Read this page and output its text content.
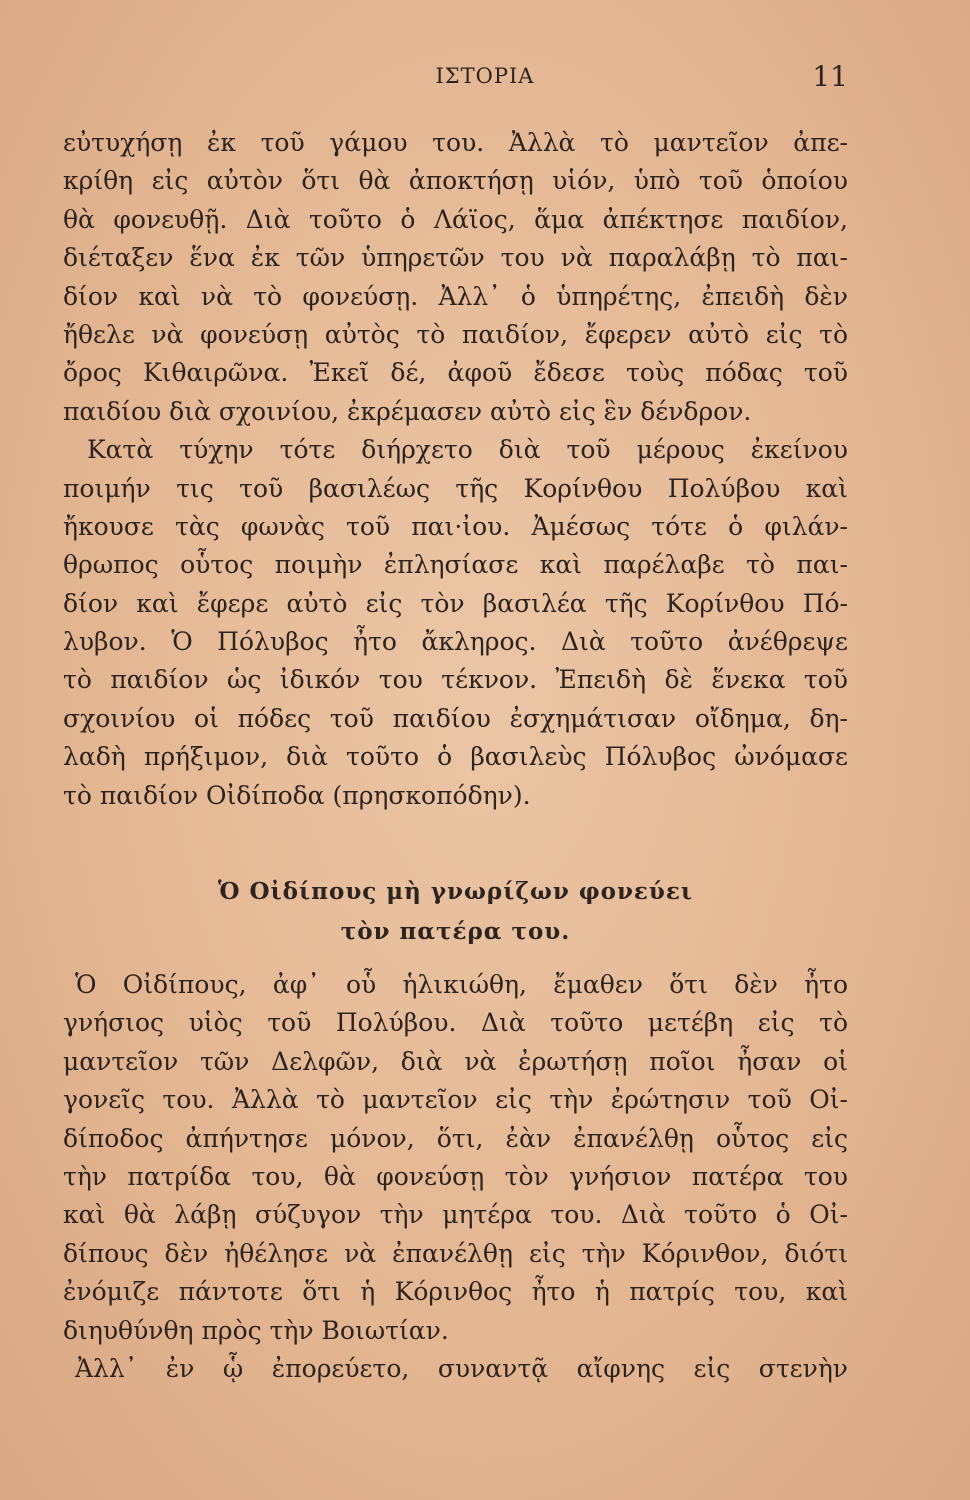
ΙΣΤΟΡΙΑ	11
εὐτυχήσῃ ἐκ τοῦ γάμου του. Ἀλλὰ τὸ μαντεῖον ἀπε-
κρίθη εἰς αὐτὸν ὅτι θὰ ἀποκτήσῃ υἱόν, ὑπὸ τοῦ ὁποίου
θὰ φονευθῇ. Διὰ τοῦτο ὁ Λάϊος, ἅμα ἀπέκτησε παιδίον,
διέταξεν ἕνα ἐκ τῶν ὑπηρετῶν του νὰ παραλάβῃ τὸ παι-
δίον καὶ νὰ τὸ φονεύσῃ. Ἀλλ᾽ ὁ ὑπηρέτης, ἐπειδὴ δὲν
ἤθελε νὰ φονεύσῃ αὐτὸς τὸ παιδίον, ἔφερεν αὐτὸ εἰς τὸ
ὄρος Κιθαιρῶνα. Ἐκεῖ δέ, ἀφοῦ ἔδεσε τοὺς πόδας τοῦ
παιδίου διὰ σχοινίου, ἐκρέμασεν αὐτὸ εἰς ἓν δένδρον.
Κατὰ τύχην τότε διήρχετο διὰ τοῦ μέρους ἐκείνου
ποιμήν τις τοῦ βασιλέως τῆς Κορίνθου Πολύβου καὶ
ἤκουσε τὰς φωνὰς τοῦ παι·ἰου. Ἀμέσως τότε ὁ φιλάν-
θρωπος οὗτος ποιμὴν ἐπλησίασε καὶ παρέλαβε τὸ παι-
δίον καὶ ἔφερε αὐτὸ εἰς τὸν βασιλέα τῆς Κορίνθου Πό-
λυβον. Ὁ Πόλυβος ἦτο ἄκληρος. Διὰ τοῦτο ἀνέθρεψε
τὸ παιδίον ὡς ἰδικόν του τέκνον. Ἐπειδὴ δὲ ἕνεκα τοῦ
σχοινίου οἱ πόδες τοῦ παιδίου ἐσχημάτισαν οἴδημα, δη-
λαδὴ πρήξιμον, διὰ τοῦτο ὁ βασιλεὺς Πόλυβος ὠνόμασε
τὸ παιδίον Οἰδίποδα (πρησκοπόδην).
Ὁ Οἰδίπους μὴ γνωρίζων φονεύει
τὸν πατέρα του.
Ὁ Οἰδίπους, ἀφ᾽ οὗ ἡλικιώθη, ἔμαθεν ὅτι δὲν ἦτο
γνήσιος υἱὸς τοῦ Πολύβου. Διὰ τοῦτο μετέβη εἰς τὸ
μαντεῖον τῶν Δελφῶν, διὰ νὰ ἐρωτήσῃ ποῖοι ἦσαν οἱ
γονεῖς του. Ἀλλὰ τὸ μαντεῖον εἰς τὴν ἐρώτησιν τοῦ Οἰ-
δίποδος ἀπήντησε μόνον, ὅτι, ἐὰν ἐπανέλθῃ οὗτος εἰς
τὴν πατρίδα του, θὰ φονεύσῃ τὸν γνήσιον πατέρα του
καὶ θὰ λάβῃ σύζυγον τὴν μητέρα του. Διὰ τοῦτο ὁ Οἰ-
δίπους δὲν ἠθέλησε νὰ ἐπανέλθῃ εἰς τὴν Κόρινθον, διότι
ἐνόμιζε πάντοτε ὅτι ἡ Κόρινθος ἦτο ἡ πατρίς του, καὶ
διηυθύνθη πρὸς τὴν Βοιωτίαν.
Ἀλλ᾽ ἐν ᾧ ἐπορεύετο, συναντᾷ αἴφνης εἰς στενὴν
